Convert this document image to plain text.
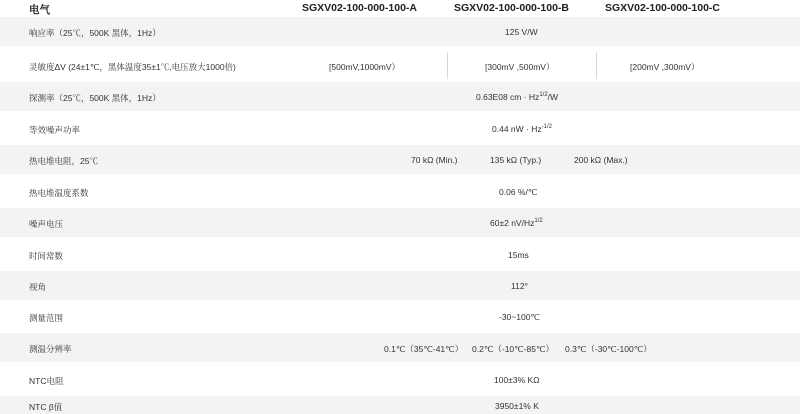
电气	SGXV02-100-000-100-A	SGXV02-100-000-100-B	SGXV02-100-000-100-C
响应率（25℃，500K 黑体，1Hz）	125 V/W
灵敏度ΔV (24±1℃，黑体温度35±1℃,电压放大1000倍)	[500mV,1000mV）	[300mV ,500mV）	[200mV ,300mV）
探测率（25℃，500K 黑体，1Hz）	0.63E08 cm · $Hz^{1/2}/W$
等效噪声功率	0.44 nW · $Hz^{-1/2}$
热电堆电阻，25℃	70 kΩ (Min.)	135 kΩ (Typ.)	200 kΩ (Max.)
热电堆温度系数	0.06 %/℃
噪声电压	60±2 $nV/Hz^{1/2}$
时间常数	15ms
视角	112°
测量范围	-30~100℃
测温分辨率	0.1℃（35℃-41℃） 0.2℃（-10℃-85℃） 0.3℃（-30℃-100℃）
NTC电阻	100±3% KΩ
NTC β值	3950±1% K
